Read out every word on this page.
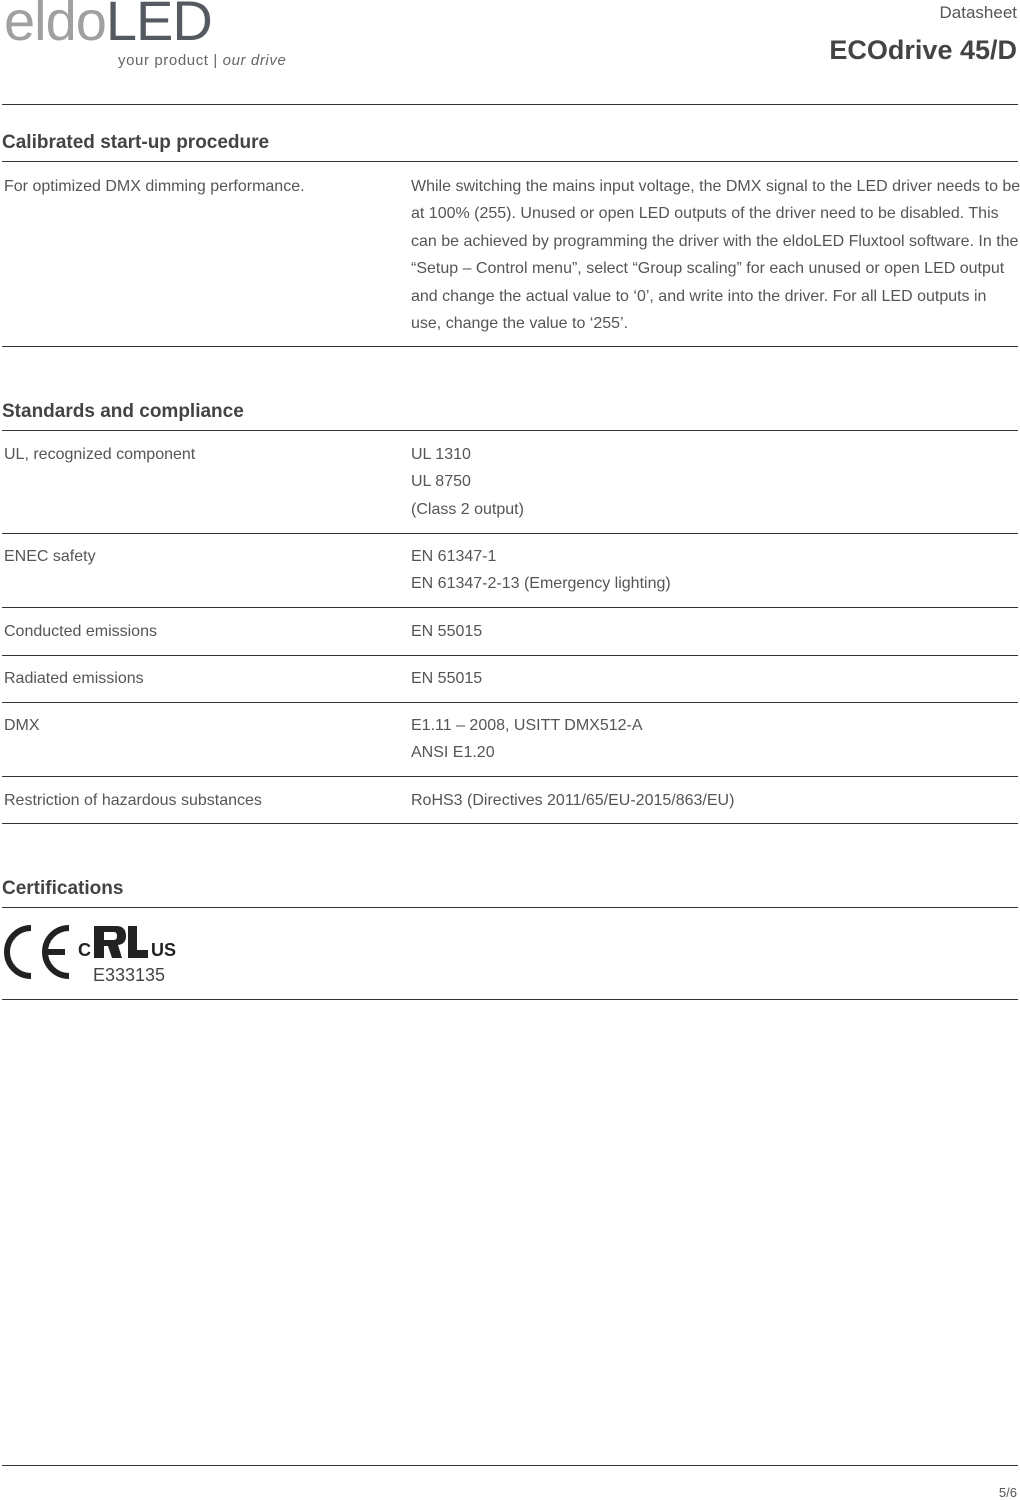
eldoLED
your product | our drive
Datasheet
ECOdrive 45/D
Calibrated start-up procedure
For optimized DMX dimming performance.	While switching the mains input voltage, the DMX signal to the LED driver needs to be at 100% (255). Unused or open LED outputs of the driver need to be disabled. This can be achieved by programming the driver with the eldoLED Fluxtool software. In the “Setup – Control menu”, select “Group scaling” for each unused or open LED output and change the actual value to ‘0’, and write into the driver. For all LED outputs in use, change the value to ‘255’.
Standards and compliance
UL, recognized component	UL 1310
UL 8750
(Class 2 output)
ENEC safety	EN 61347-1
EN 61347-2-13 (Emergency lighting)
Conducted emissions	EN 55015
Radiated emissions	EN 55015
DMX	E1.11 – 2008, USITT DMX512-A
ANSI E1.20
Restriction of hazardous substances	RoHS3 (Directives 2011/65/EU-2015/863/EU)
Certifications
C	US
E333135
5/6
